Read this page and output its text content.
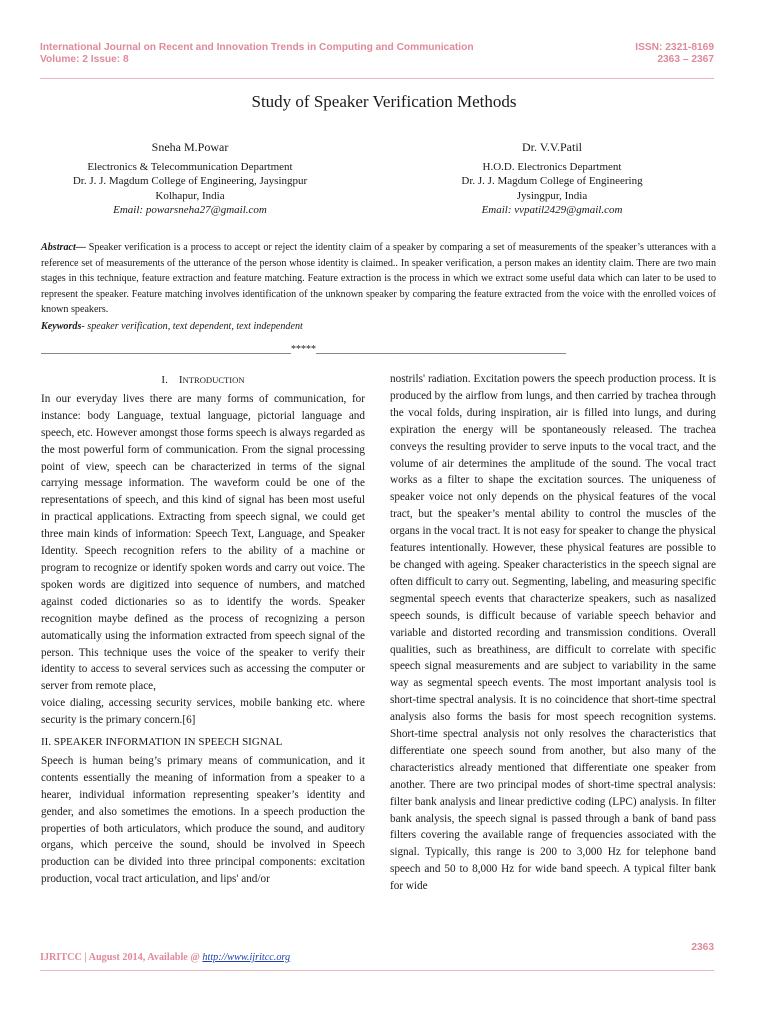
International Journal on Recent and Innovation Trends in Computing and Communication
Volume: 2 Issue: 8
ISSN: 2321-8169
2363 – 2367
Study of Speaker Verification Methods
Sneha M.Powar
Electronics & Telecommunication Department
Dr. J. J. Magdum College of Engineering, Jaysingpur
Kolhapur, India
Email: powarsneha27@gmail.com
Dr. V.V.Patil
H.O.D. Electronics Department
Dr. J. J. Magdum College of Engineering
Jysingpur, India
Email: vvpatil2429@gmail.com
Abstract— Speaker verification is a process to accept or reject the identity claim of a speaker by comparing a set of measurements of the speaker’s utterances with a reference set of measurements of the utterance of the person whose identity is claimed.. In speaker verification, a person makes an identity claim. There are two main stages in this technique, feature extraction and feature matching. Feature extraction is the process in which we extract some useful data which can later to be used to represent the speaker. Feature matching involves identification of the unknown speaker by comparing the feature extracted from the voice with the enrolled voices of known speakers.
Keywords- speaker verification, text dependent, text independent
__________________________________________________*****__________________________________________________
I. INTRODUCTION

In our everyday lives there are many forms of communication, for instance: body Language, textual language, pictorial language and speech, etc. However amongst those forms speech is always regarded as the most powerful form of communication. From the signal processing point of view, speech can be characterized in terms of the signal carrying message information. The waveform could be one of the representations of speech, and this kind of signal has been most useful in practical applications. Extracting from speech signal, we could get three main kinds of information: Speech Text, Language, and Speaker Identity. Speech recognition refers to the ability of a machine or program to recognize or identify spoken words and carry out voice. The spoken words are digitized into sequence of numbers, and matched against coded dictionaries so as to identify the words. Speaker recognition maybe defined as the process of recognizing a person automatically using the information extracted from speech signal of the person. This technique uses the voice of the speaker to verify their identity to access to several services such as accessing the computer or server from remote place,

voice dialing, accessing security services, mobile banking etc. where security is the primary concern.[6]

II. SPEAKER INFORMATION IN SPEECH SIGNAL

Speech is human being’s primary means of communication, and it contents essentially the meaning of information from a speaker to a hearer, individual information representing speaker’s identity and gender, and also sometimes the emotions. In a speech production the properties of both articulators, which produce the sound, and auditory organs, which perceive the sound, should be involved in Speech production can be divided into three principal components: excitation production, vocal tract articulation, and lips' and/or

nostrils' radiation. Excitation powers the speech production process. It is produced by the airflow from lungs, and then carried by trachea through the vocal folds, during inspiration, air is filled into lungs, and during expiration the energy will be spontaneously released. The trachea conveys the resulting provider to serve inputs to the vocal tract, and the volume of air determines the amplitude of the sound. The vocal tract works as a filter to shape the excitation sources. The uniqueness of speaker voice not only depends on the physical features of the vocal tract, but the speaker’s mental ability to control the muscles of the organs in the vocal tract. It is not easy for speaker to change the physical features intentionally. However, these physical features are possible to be changed with ageing. Speaker characteristics in the speech signal are often difficult to carry out. Segmenting, labeling, and measuring specific segmental speech events that characterize speakers, such as nasalized speech sounds, is difficult because of variable speech behavior and variable and distorted recording and transmission conditions. Overall qualities, such as breathiness, are difficult to correlate with specific speech signal measurements and are subject to variability in the same way as segmental speech events. The most important analysis tool is short-time spectral analysis. It is no coincidence that short-time spectral analysis also forms the basis for most speech recognition systems. Short-time spectral analysis not only resolves the characteristics that differentiate one speech sound from another, but also many of the characteristics already mentioned that differentiate one speaker from another. There are two principal modes of short-time spectral analysis: filter bank analysis and linear predictive coding (LPC) analysis. In filter bank analysis, the speech signal is passed through a bank of band pass filters covering the available range of frequencies associated with the signal. Typically, this range is 200 to 3,000 Hz for telephone band speech and 50 to 8,000 Hz for wide band speech. A typical filter bank for wide

2363
IJRITCC | August 2014, Available @ http://www.ijritcc.org
